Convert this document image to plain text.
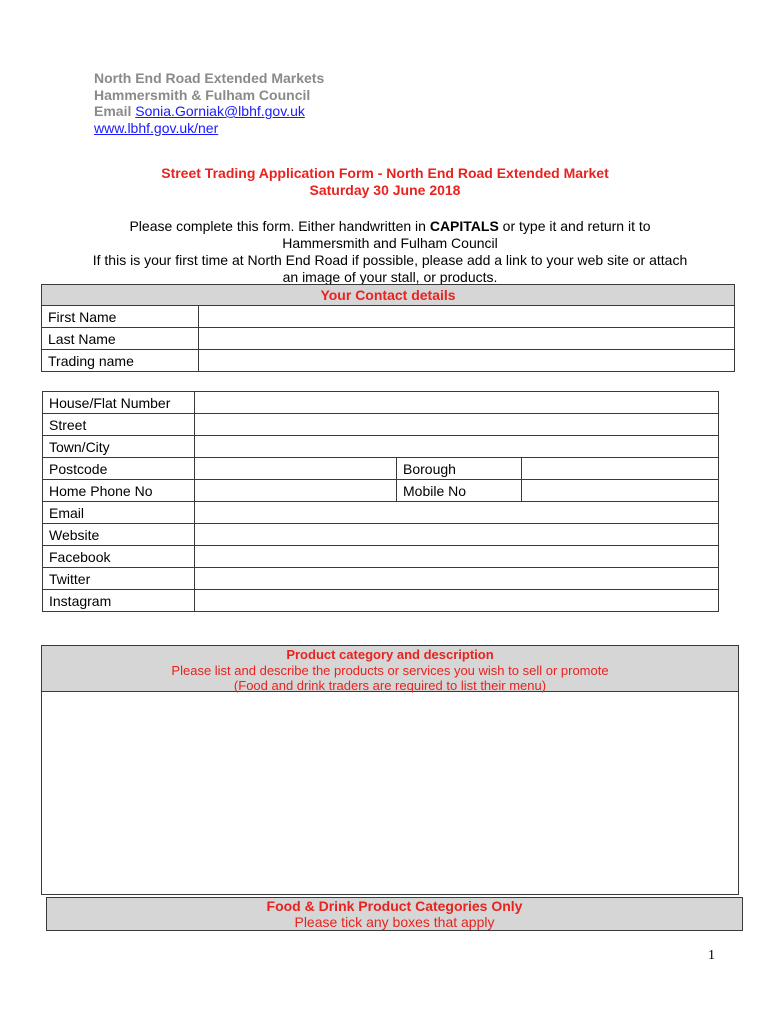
North End Road Extended Markets
Hammersmith & Fulham Council
Email Sonia.Gorniak@lbhf.gov.uk
www.lbhf.gov.uk/ner
Street Trading Application Form - North End Road Extended Market
Saturday 30 June 2018
Please complete this form. Either handwritten in CAPITALS or type it and return it to
Hammersmith and Fulham Council
If this is your first time at North End Road if possible, please add a link to your web site or attach
an image of your stall, or products.
Your Contact details	
First Name	
Last Name	
Trading name	
House/Flat Number			
Street			
Town/City			
Postcode		Borough	
Home Phone No		Mobile No	
Email			
Website			
Facebook			
Twitter			
Instagram			
Product category and description
Please list and describe the products or services you wish to sell or promote
(Food and drink traders are required to list their menu)
Food & Drink Product Categories Only
Please tick any boxes that apply
1
